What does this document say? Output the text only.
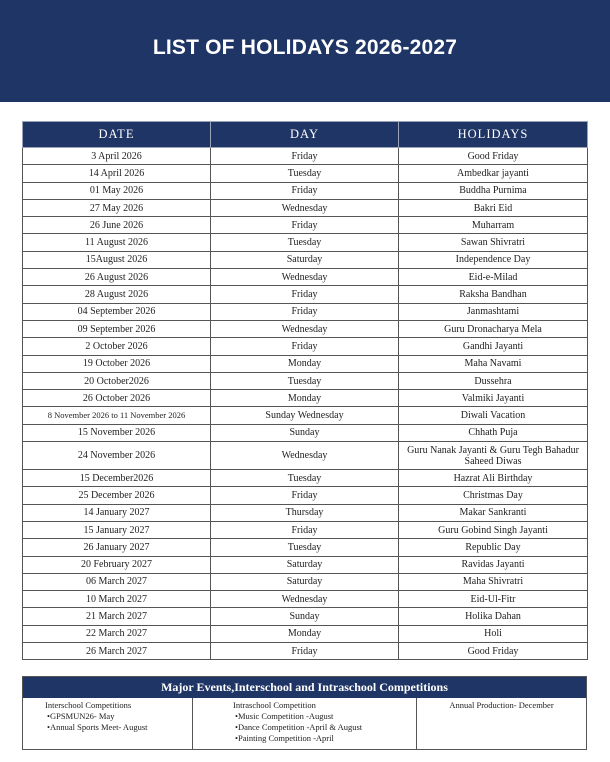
LIST OF HOLIDAYS 2026-2027
DATE	DAY	HOLIDAYS
3 April 2026	Friday	Good Friday
14 April 2026	Tuesday	Ambedkar jayanti
01 May 2026	Friday	Buddha Purnima
27 May 2026	Wednesday	Bakri Eid
26 June 2026	Friday	Muharram
11 August 2026	Tuesday	Sawan Shivratri
15August 2026	Saturday	Independence Day
26 August 2026	Wednesday	Eid-e-Milad
28 August 2026	Friday	Raksha Bandhan
04 September 2026	Friday	Janmashtami
09 September 2026	Wednesday	Guru Dronacharya Mela
2 October 2026	Friday	Gandhi Jayanti
19 October 2026	Monday	Maha Navami
20 October2026	Tuesday	Dussehra
26 October 2026	Monday	Valmiki Jayanti
8 November 2026 to 11 November 2026	Sunday Wednesday	Diwali Vacation
15 November 2026	Sunday	Chhath Puja
24 November 2026	Wednesday	Guru Nanak Jayanti & Guru Tegh Bahadur Saheed Diwas
15 December2026	Tuesday	Hazrat Ali Birthday
25 December 2026	Friday	Christmas Day
14 January 2027	Thursday	Makar Sankranti
15 January 2027	Friday	Guru Gobind Singh Jayanti
26 January 2027	Tuesday	Republic Day
20 February 2027	Saturday	Ravidas Jayanti
06 March 2027	Saturday	Maha Shivratri
10 March 2027	Wednesday	Eid-Ul-Fitr
21 March 2027	Sunday	Holika Dahan
22 March 2027	Monday	Holi
26 March 2027	Friday	Good Friday
Major Events,Interschool and Intraschool Competitions
Interschool Competitions
• GPSMUN26- May
• Annual Sports Meet- August
Intraschool Competition
• Music Competition -August
• Dance Competition -April & August
• Painting Competition -April
Annual Production- December
